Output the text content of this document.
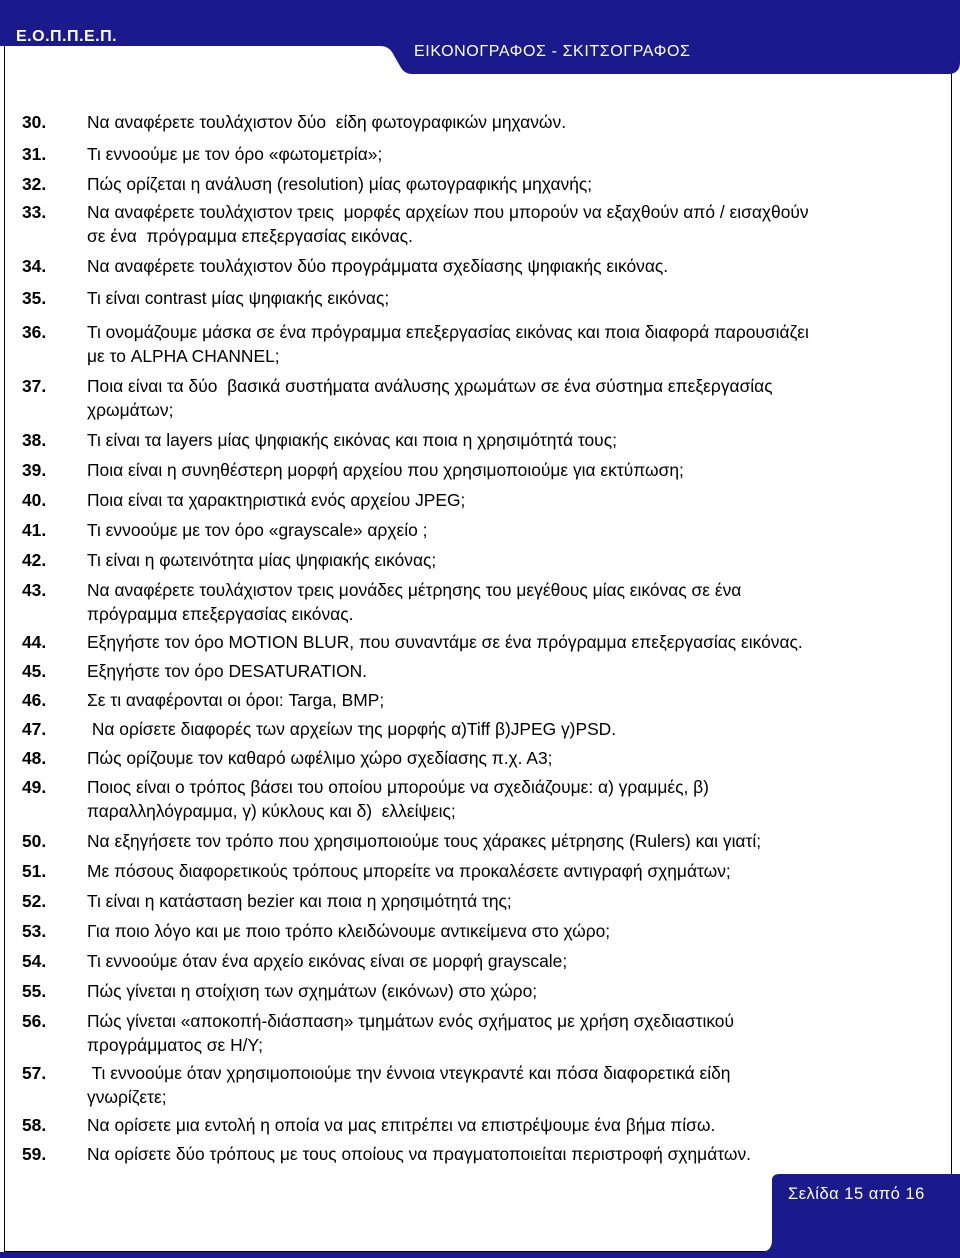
Ε.Ο.Π.Π.Ε.Π.
ΕΙΚΟΝΟΓΡΑΦΟΣ - ΣΚΙΤΣΟΓΡΑΦΟΣ
30.	Να αναφέρετε τουλάχιστον δύο  είδη φωτογραφικών μηχανών.
31.	Τι εννοούμε με τον όρο «φωτομετρία»;
32.	Πώς ορίζεται η ανάλυση (resolution) μίας φωτογραφικής μηχανής;
33.	Να αναφέρετε τουλάχιστον τρεις  μορφές αρχείων που μπορούν να εξαχθούν από / εισαχθούν
σε ένα  πρόγραμμα επεξεργασίας εικόνας.
34.	Να αναφέρετε τουλάχιστον δύο προγράμματα σχεδίασης ψηφιακής εικόνας.
35.	Τι είναι contrast μίας ψηφιακής εικόνας;
36.	Τι ονομάζουμε μάσκα σε ένα πρόγραμμα επεξεργασίας εικόνας και ποια διαφορά παρουσιάζει
με το ALPHA CHANNEL;
37.	Ποια είναι τα δύο  βασικά συστήματα ανάλυσης χρωμάτων σε ένα σύστημα επεξεργασίας
χρωμάτων;
38.	Τι είναι τα layers μίας ψηφιακής εικόνας και ποια η χρησιμότητά τους;
39.	Ποια είναι η συνηθέστερη μορφή αρχείου που χρησιμοποιούμε για εκτύπωση;
40.	Ποια είναι τα χαρακτηριστικά ενός αρχείου JPEG;
41.	Τι εννοούμε με τον όρο «grayscale» αρχείο ;
42.	Τι είναι η φωτεινότητα μίας ψηφιακής εικόνας;
43.	Να αναφέρετε τουλάχιστον τρεις μονάδες μέτρησης του μεγέθους μίας εικόνας σε ένα
πρόγραμμα επεξεργασίας εικόνας.
44.	Εξηγήστε τον όρο MOTION BLUR, που συναντάμε σε ένα πρόγραμμα επεξεργασίας εικόνας.
45.	Εξηγήστε τον όρο DESATURATION.
46.	Σε τι αναφέρονται οι όροι: Targa, BMP;
47.	Να ορίσετε διαφορές των αρχείων της μορφής α)Tiff β)JPEG γ)PSD.
48.	Πώς ορίζουμε τον καθαρό ωφέλιμο χώρο σχεδίασης π.χ. Α3;
49.	Ποιος είναι ο τρόπος βάσει του οποίου μπορούμε να σχεδιάζουμε: α) γραμμές, β)
παραλληλόγραμμα, γ) κύκλους και δ)  ελλείψεις;
50.	Να εξηγήσετε τον τρόπο που χρησιμοποιούμε τους χάρακες μέτρησης (Rulers) και γιατί;
51.	Με πόσους διαφορετικούς τρόπους μπορείτε να προκαλέσετε αντιγραφή σχημάτων;
52.	Τι είναι η κατάσταση bezier και ποια η χρησιμότητά της;
53.	Για ποιο λόγο και με ποιο τρόπο κλειδώνουμε αντικείμενα στο χώρο;
54.	Τι εννοούμε όταν ένα αρχείο εικόνας είναι σε μορφή grayscale;
55.	Πώς γίνεται η στοίχιση των σχημάτων (εικόνων) στο χώρο;
56.	Πώς γίνεται «αποκοπή-διάσπαση» τμημάτων ενός σχήματος με χρήση σχεδιαστικού
προγράμματος σε Η/Υ;
57.	Τι εννοούμε όταν χρησιμοποιούμε την έννοια ντεγκραντέ και πόσα διαφορετικά είδη
γνωρίζετε;
58.	Να ορίσετε μια εντολή η οποία να μας επιτρέπει να επιστρέψουμε ένα βήμα πίσω.
59.	Να ορίσετε δύο τρόπους με τους οποίους να πραγματοποιείται περιστροφή σχημάτων.
Σελίδα 15 από 16
